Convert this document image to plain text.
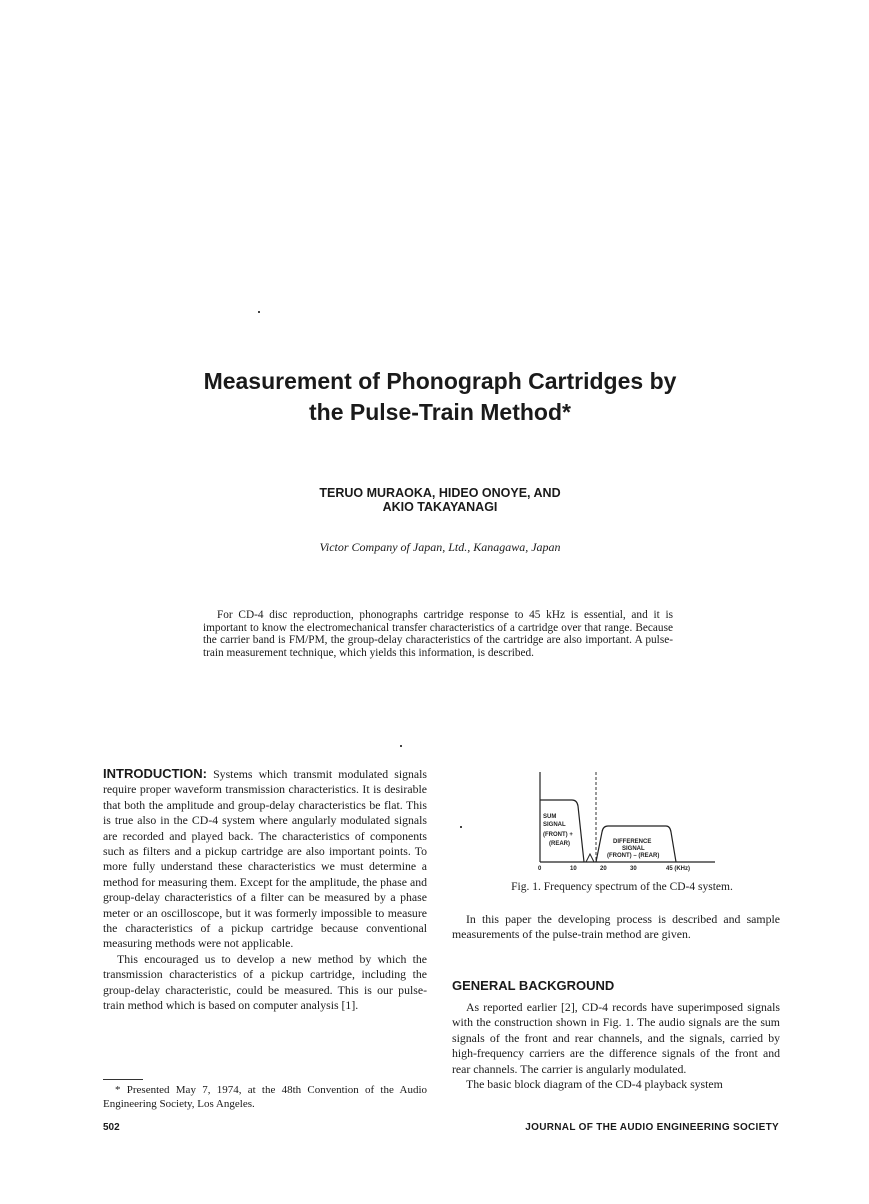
Measurement of Phonograph Cartridges by
the Pulse-Train Method*
TERUO MURAOKA, HIDEO ONOYE, AND
AKIO TAKAYANAGI
Victor Company of Japan, Ltd., Kanagawa, Japan
For CD-4 disc reproduction, phonographs cartridge response to 45 kHz is essential, and it is important to know the electromechanical transfer characteristics of a cartridge over that range. Because the carrier band is FM/PM, the group-delay characteristics of the cartridge are also important. A pulse-train measurement technique, which yields this information, is described.

INTRODUCTION: Systems which transmit modulated signals require proper waveform transmission characteristics. It is desirable that both the amplitude and group-delay characteristics be flat. This is true also in the CD-4 system where angularly modulated signals are recorded and played back. The characteristics of components such as filters and a pickup cartridge are also important points. To more fully understand these characteristics we must determine a method for measuring them. Except for the amplitude, the phase and group-delay characteristics of a filter can be measured by a phase meter or an oscilloscope, but it was formerly impossible to measure the characteristics of a pickup cartridge because conventional measuring methods were not applicable.

This encouraged us to develop a new method by which the transmission characteristics of a pickup cartridge, including the group-delay characteristic, could be measured. This is our pulse-train method which is based on computer analysis [1].

* Presented May 7, 1974, at the 48th Convention of the Audio Engineering Society, Los Angeles.
502	JOURNAL OF THE AUDIO ENGINEERING SOCIETY
SUM
SIGNAL
(FRONT) +
(REAR)	DIFFERENCE
SIGNAL
(FRONT) – (REAR)
0	10	20	30	45 (KHz)
Fig. 1. Frequency spectrum of the CD-4 system.

In this paper the developing process is described and sample measurements of the pulse-train method are given.

GENERAL BACKGROUND

As reported earlier [2], CD-4 records have superimposed signals with the construction shown in Fig. 1. The audio signals are the sum signals of the front and rear channels, and the signals, carried by high-frequency carriers are the difference signals of the front and rear channels. The carrier is angularly modulated.

The basic block diagram of the CD-4 playback system
